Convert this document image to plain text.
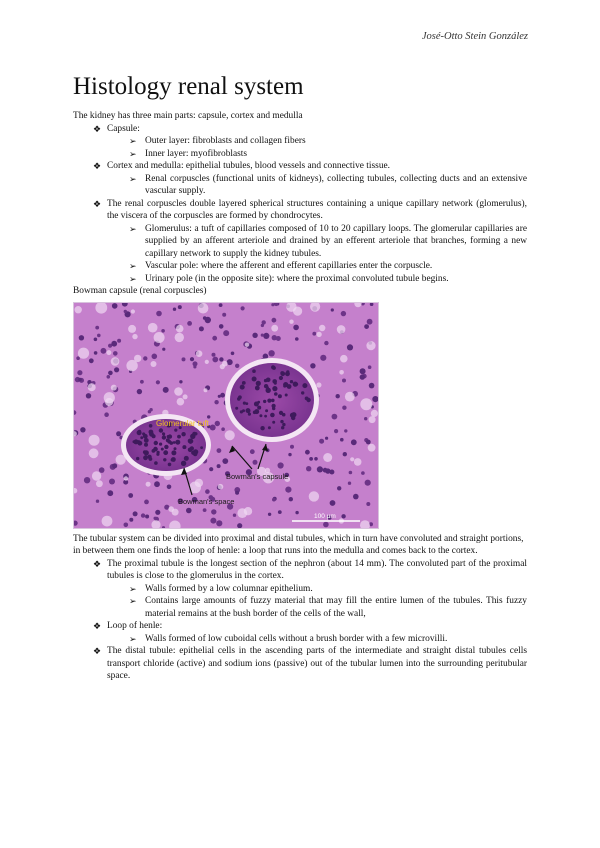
José-Otto Stein González
Histology renal system

The kidney has three main parts: capsule, cortex and medulla

❖ Capsule:
➢ Outer layer: fibroblasts and collagen fibers
➢ Inner layer: myofibroblasts
❖ Cortex and medulla: epithelial tubules, blood vessels and connective tissue.
➢ Renal corpuscles (functional units of kidneys), collecting tubules, collecting ducts and an extensive vascular supply.
❖ The renal corpuscles double layered spherical structures containing a unique capillary network (glomerulus), the viscera of the corpuscles are formed by chondrocytes.
➢ Glomerulus: a tuft of capillaries composed of 10 to 20 capillary loops. The glomerular capillaries are supplied by an afferent arteriole and drained by an efferent arteriole that branches, forming a new capillary network to supply the kidney tubules.
➢ Vascular pole: where the afferent and efferent capillaries enter the corpuscle.
➢ Urinary pole (in the opposite site): where the proximal convoluted tubule begins.

Bowman capsule (renal corpuscles)

Glomerular tuft
Bowman's capsule
Bowman's space
100 μm

The tubular system can be divided into proximal and distal tubules, which in turn have convoluted and straight portions, in between them one finds the loop of henle: a loop that runs into the medulla and comes back to the cortex.

❖ The proximal tubule is the longest section of the nephron (about 14 mm). The convoluted part of the proximal tubules is close to the glomerulus in the cortex.
➢ Walls formed by a low columnar epithelium.
➢ Contains large amounts of fuzzy material that may fill the entire lumen of the tubules. This fuzzy material remains at the bush border of the cells of the wall,
❖ Loop of henle:
➢ Walls formed of low cuboidal cells without a brush border with a few microvilli.
❖ The distal tubule: epithelial cells in the ascending parts of the intermediate and straight distal tubules cells transport chloride (active) and sodium ions (passive) out of the tubular lumen into the surrounding peritubular space.
